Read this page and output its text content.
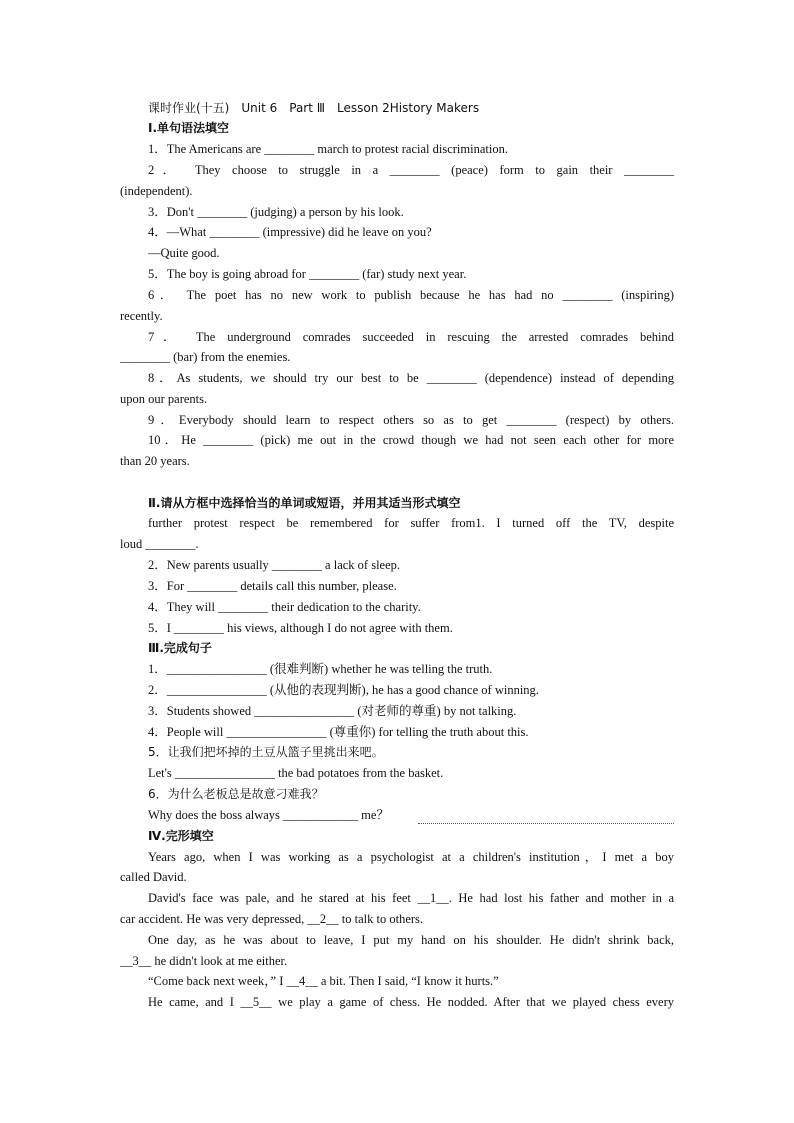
课时作业(十五)　Unit 6　Part Ⅲ　Lesson 2History Makers
Ⅰ.单句语法填空
1．The Americans are ________ march to protest racial discrimination.
2． They choose to struggle in a ________ (peace) form to gain their ________
(independent).
3．Don't ________ (judging) a person by his look.
4．—What ________ (impressive) did he leave on you?
—Quite good.
5．The boy is going abroad for ________ (far) study next year.
6． The poet has no new work to publish because he has had no ________ (inspiring)
recently.
7． The underground comrades succeeded in rescuing the arrested comrades behind
________ (bar) from the enemies.
8．As students, we should try our best to be ________ (dependence) instead of depending
upon our parents.
9．Everybody should learn to respect others so as to get ________ (respect) by others.
10．He ________ (pick) me out in the crowd though we had not seen each other for more
than 20 years.
Ⅱ.请从方框中选择恰当的单词或短语，并用其适当形式填空
further protest respect be remembered for suffer from1. I turned off the TV, despite
loud ________.
2．New parents usually ________ a lack of sleep.
3．For ________ details call this number, please.
4．They will ________ their dedication to the charity.
5．I ________ his views, although I do not agree with them.
Ⅲ.完成句子
1．________________ (很难判断) whether he was telling the truth.
2．________________ (从他的表现判断), he has a good chance of winning.
3．Students showed ________________ (对老师的尊重) by not talking.
4．People will ________________ (尊重你) for telling the truth about this.
5．让我们把坏掉的土豆从篮子里挑出来吧。
Let's ________________ the bad potatoes from the basket.
6．为什么老板总是故意刁难我？
Why does the boss always ____________ me？
Ⅳ.完形填空
Years ago, when I was working as a psychologist at a children's institution，I met a boy
called David.
David's face was pale, and he stared at his feet __1__. He had lost his father and mother in a
car accident. He was very depressed, __2__ to talk to others.
One day, as he was about to leave, I put my hand on his shoulder. He didn't shrink back,
__3__ he didn't look at me either.
“Come back next week，” I __4__ a bit. Then I said, “I know it hurts.”
He came, and I __5__ we play a game of chess. He nodded. After that we played chess every
